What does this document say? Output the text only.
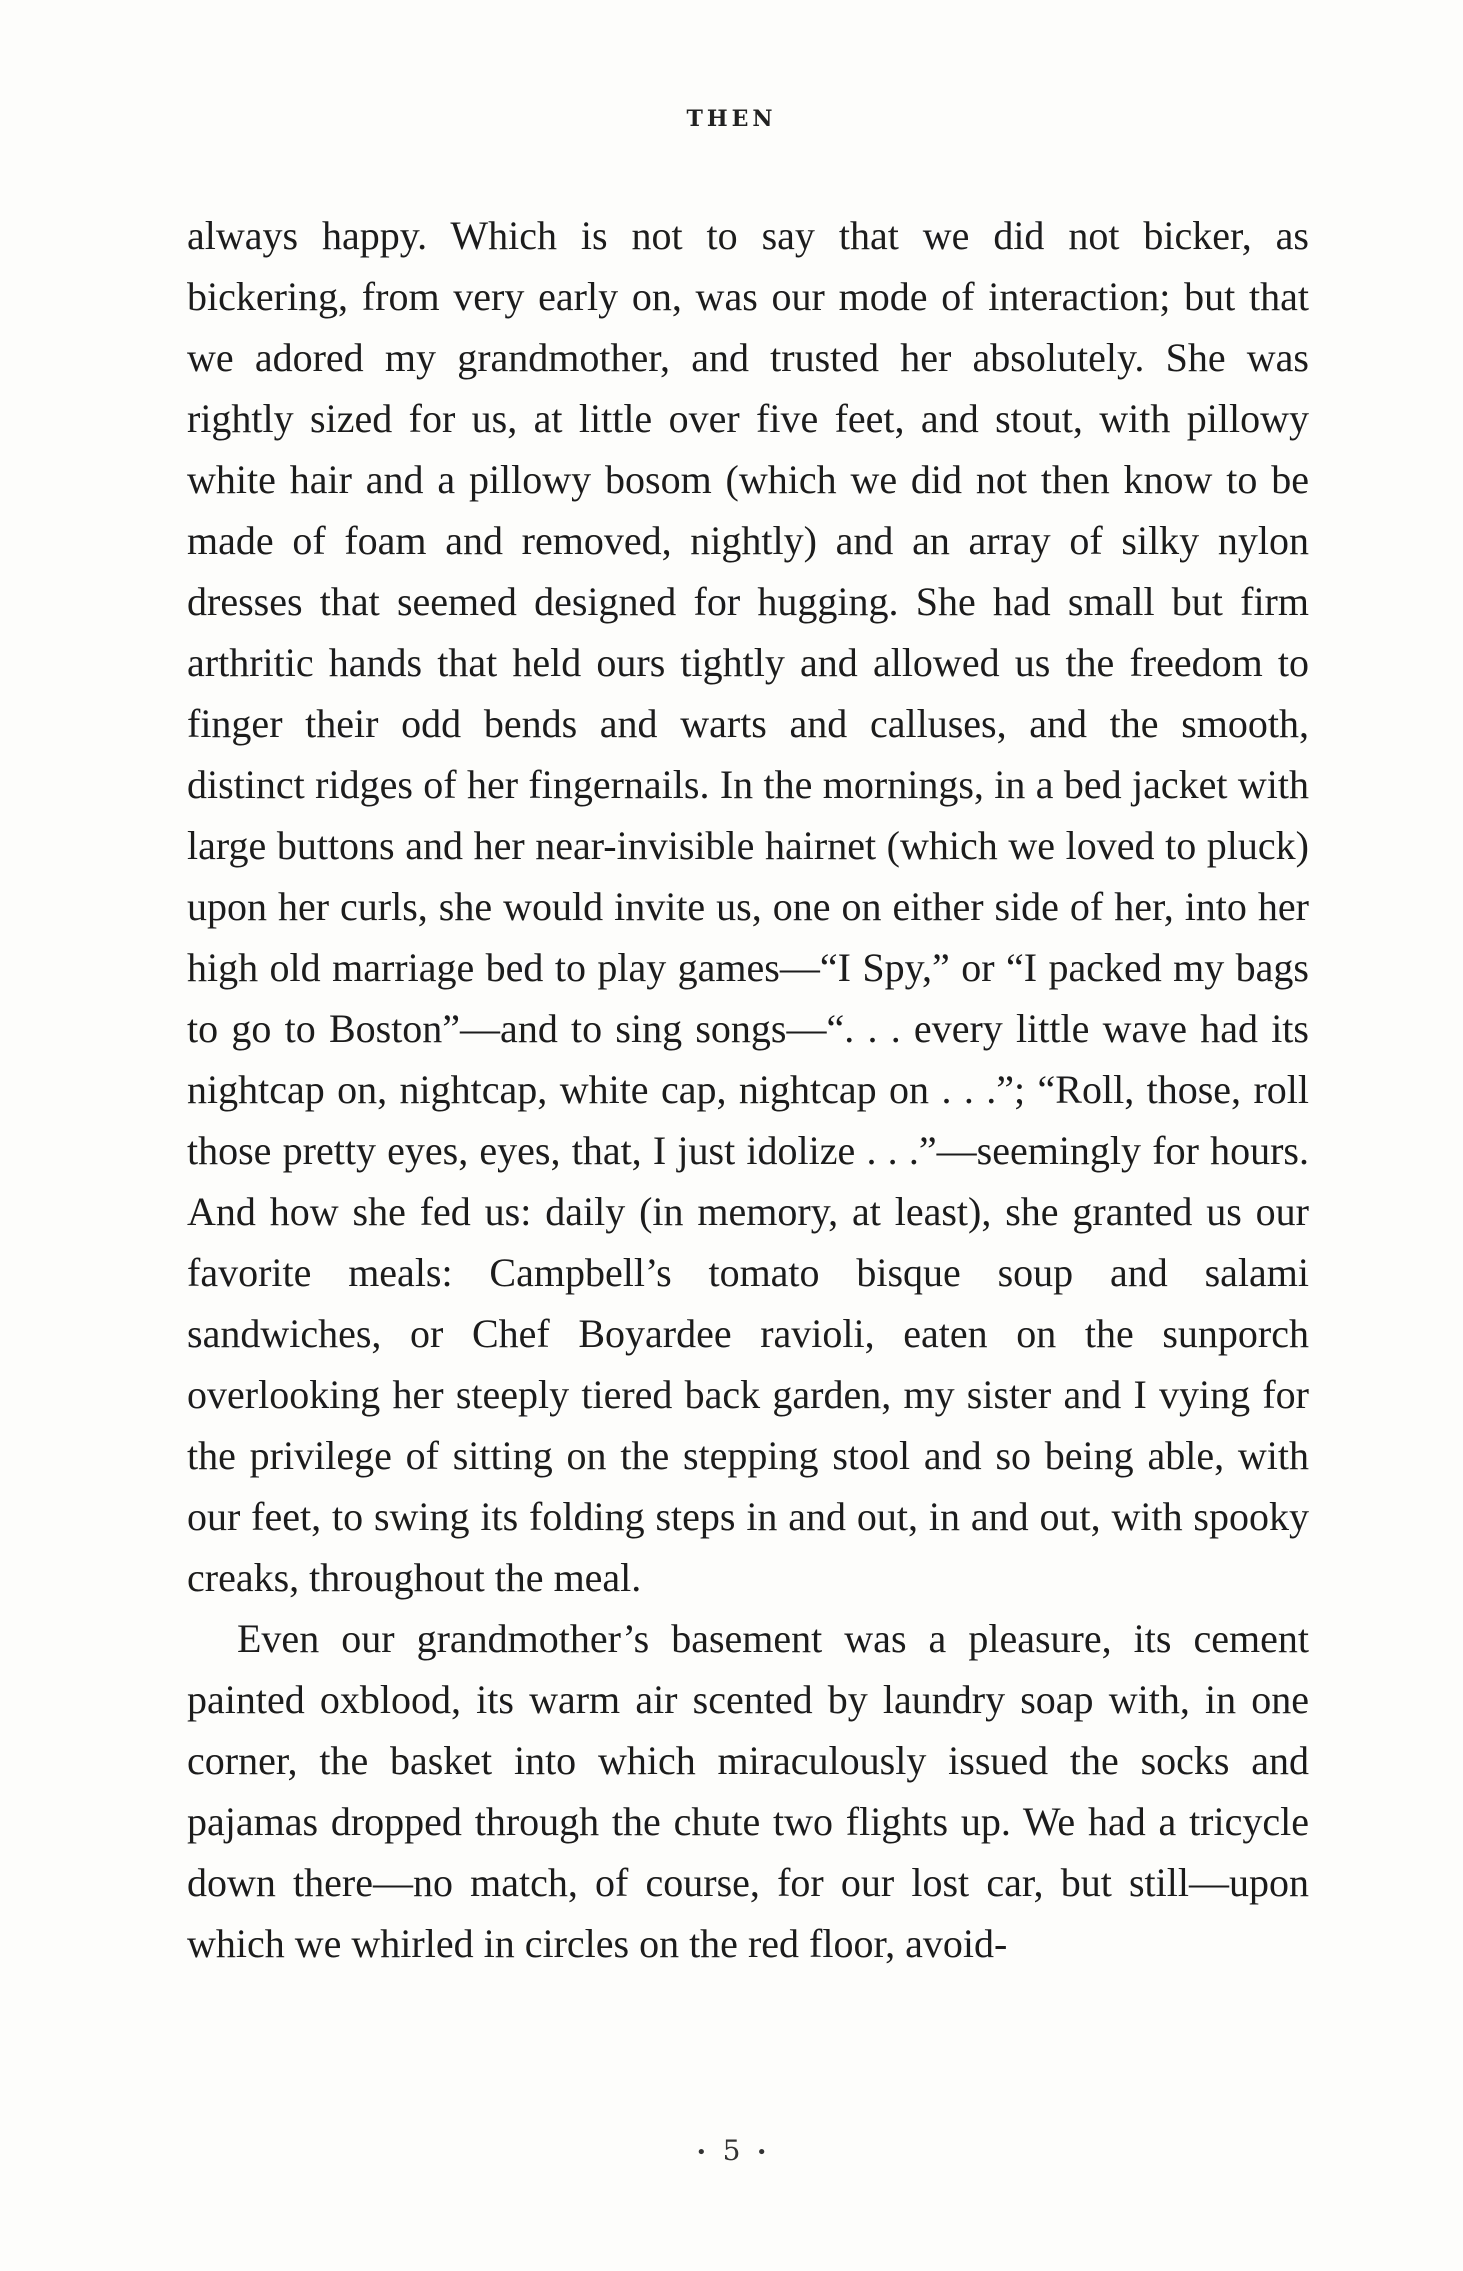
THEN

always happy. Which is not to say that we did not bicker, as bickering, from very early on, was our mode of interaction; but that we adored my grandmother, and trusted her absolutely. She was rightly sized for us, at little over five feet, and stout, with pillowy white hair and a pillowy bosom (which we did not then know to be made of foam and removed, nightly) and an array of silky nylon dresses that seemed designed for hugging. She had small but firm arthritic hands that held ours tightly and allowed us the freedom to finger their odd bends and warts and calluses, and the smooth, distinct ridges of her fingernails. In the mornings, in a bed jacket with large buttons and her near-invisible hairnet (which we loved to pluck) upon her curls, she would invite us, one on either side of her, into her high old marriage bed to play games—“I Spy,” or “I packed my bags to go to Boston”—and to sing songs—“. . . every little wave had its nightcap on, nightcap, white cap, nightcap on . . .”; “Roll, those, roll those pretty eyes, eyes, that, I just idolize . . .”—seemingly for hours. And how she fed us: daily (in memory, at least), she granted us our favorite meals: Campbell’s tomato bisque soup and salami sandwiches, or Chef Boyardee ravioli, eaten on the sunporch overlooking her steeply tiered back garden, my sister and I vying for the privilege of sitting on the stepping stool and so being able, with our feet, to swing its folding steps in and out, in and out, with spooky creaks, throughout the meal.

Even our grandmother’s basement was a pleasure, its cement painted oxblood, its warm air scented by laundry soap with, in one corner, the basket into which miraculously issued the socks and pajamas dropped through the chute two flights up. We had a tricycle down there—no match, of course, for our lost car, but still—upon which we whirled in circles on the red floor, avoid-

• 5 •
